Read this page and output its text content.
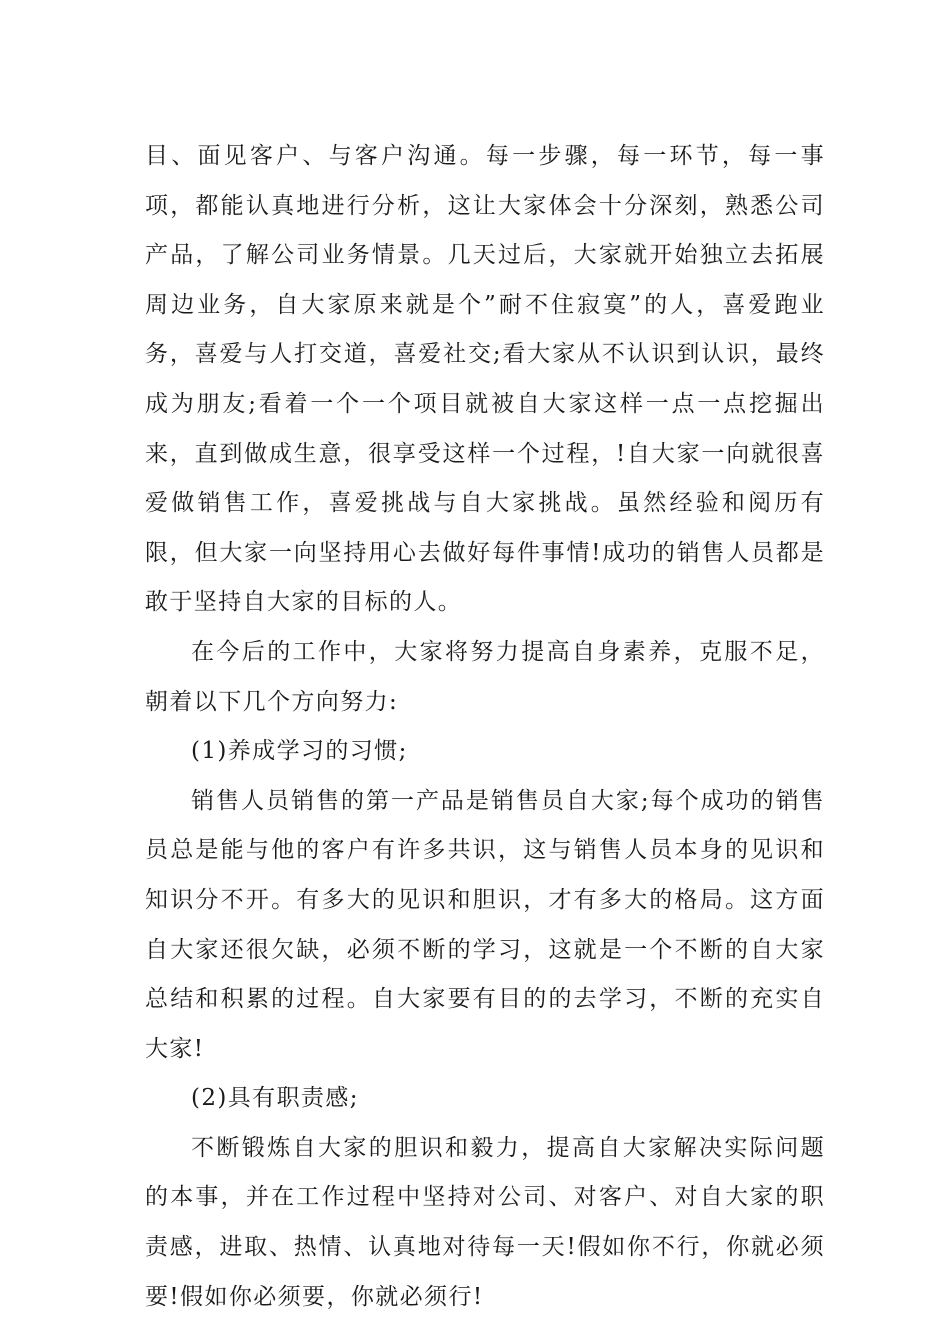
目、面见客户、与客户沟通。每一步骤，每一环节，每一事项，都能认真地进行分析，这让大家体会十分深刻，熟悉公司产品，了解公司业务情景。几天过后，大家就开始独立去拓展周边业务，自大家原来就是个”耐不住寂寞”的人，喜爱跑业务，喜爱与人打交道，喜爱社交;看大家从不认识到认识，最终成为朋友;看着一个一个项目就被自大家这样一点一点挖掘出来，直到做成生意，很享受这样一个过程，!自大家一向就很喜爱做销售工作，喜爱挑战与自大家挑战。虽然经验和阅历有限，但大家一向坚持用心去做好每件事情!成功的销售人员都是敢于坚持自大家的目标的人。

在今后的工作中，大家将努力提高自身素养，克服不足，朝着以下几个方向努力:

(1)养成学习的习惯;

销售人员销售的第一产品是销售员自大家;每个成功的销售员总是能与他的客户有许多共识，这与销售人员本身的见识和知识分不开。有多大的见识和胆识，才有多大的格局。这方面自大家还很欠缺，必须不断的学习，这就是一个不断的自大家总结和积累的过程。自大家要有目的的去学习，不断的充实自大家!

(2)具有职责感;

不断锻炼自大家的胆识和毅力，提高自大家解决实际问题的本事，并在工作过程中坚持对公司、对客户、对自大家的职责感，进取、热情、认真地对待每一天!假如你不行，你就必须要!假如你必须要，你就必须行!
